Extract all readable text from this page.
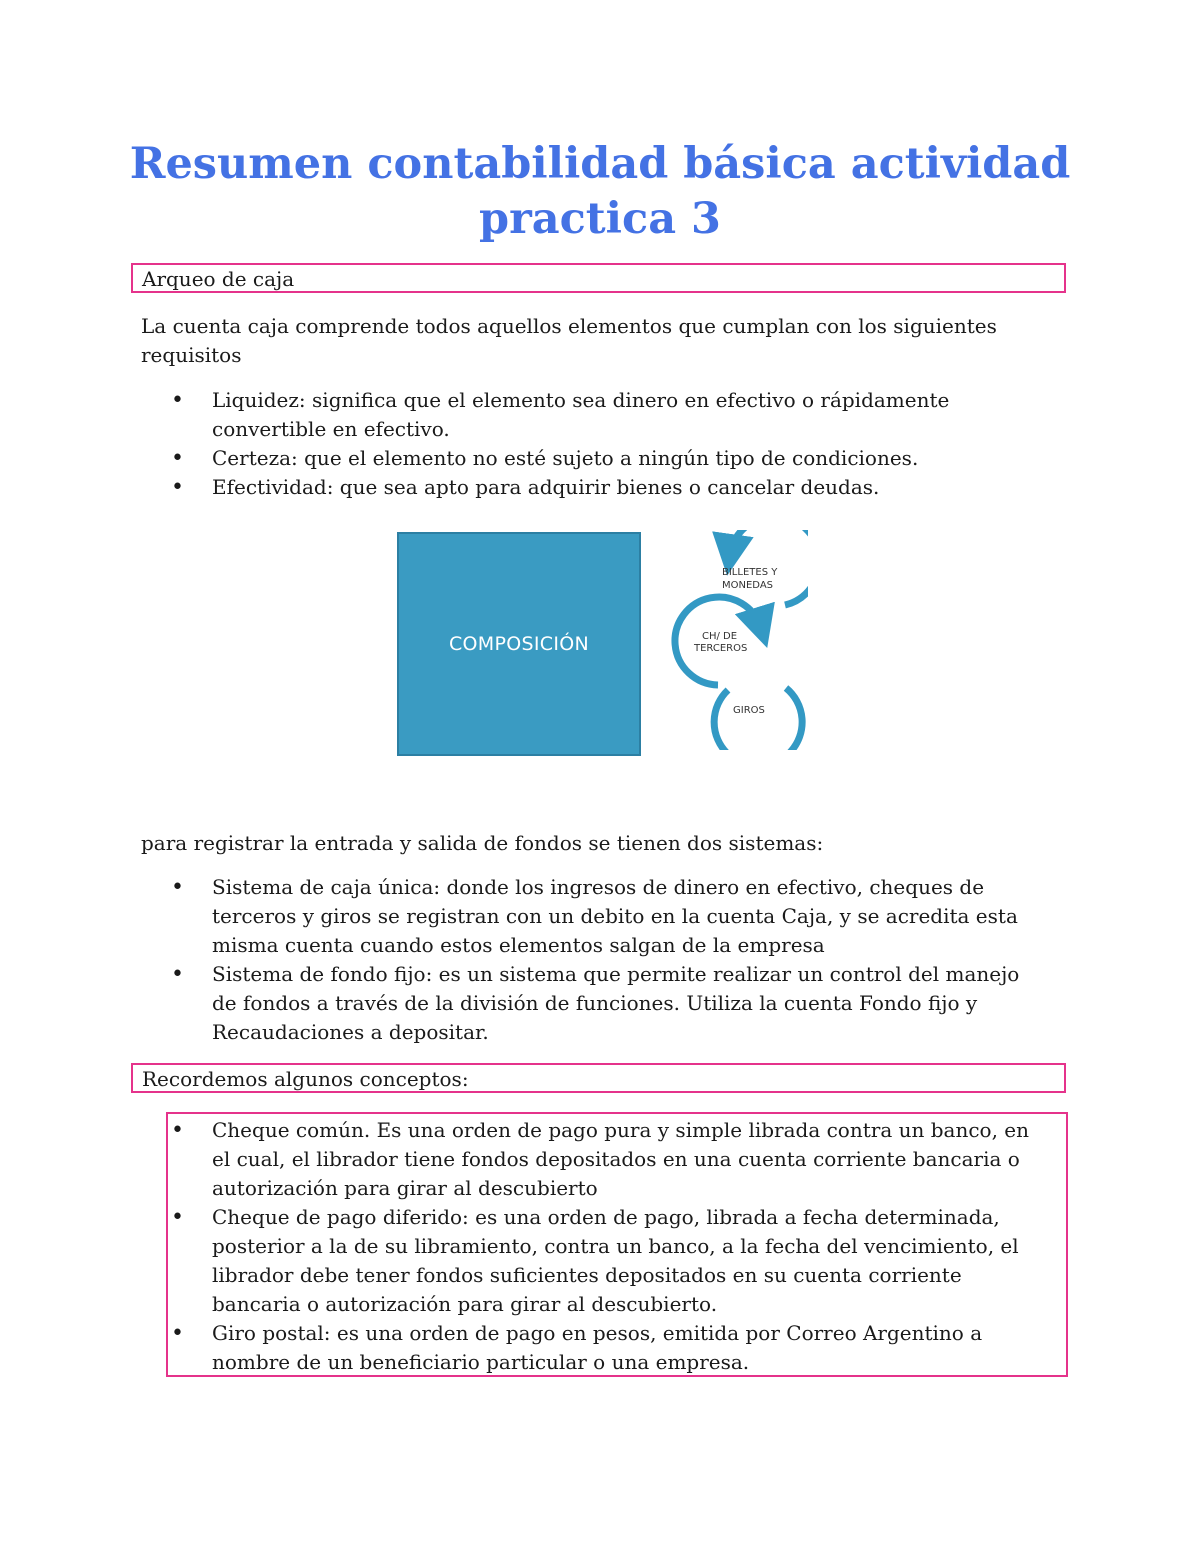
Resumen contabilidad básica actividad
practica 3
Arqueo de caja

La cuenta caja comprende todos aquellos elementos que cumplan con los siguientes requisitos

• Liquidez: significa que el elemento sea dinero en efectivo o rápidamente convertible en efectivo.
• Certeza: que el elemento no esté sujeto a ningún tipo de condiciones.
• Efectividad: que sea apto para adquirir bienes o cancelar deudas.
COMPOSICIÓN
BILLETES Y
MONEDAS
CH/ DE
TERCEROS
GIROS

para registrar la entrada y salida de fondos se tienen dos sistemas:

• Sistema de caja única: donde los ingresos de dinero en efectivo, cheques de terceros y giros se registran con un debito en la cuenta Caja, y se acredita esta misma cuenta cuando estos elementos salgan de la empresa
• Sistema de fondo fijo: es un sistema que permite realizar un control del manejo de fondos a través de la división de funciones. Utiliza la cuenta Fondo fijo y Recaudaciones a depositar.
Recordemos algunos conceptos:
• Cheque común. Es una orden de pago pura y simple librada contra un banco, en el cual, el librador tiene fondos depositados en una cuenta corriente bancaria o autorización para girar al descubierto
• Cheque de pago diferido: es una orden de pago, librada a fecha determinada, posterior a la de su libramiento, contra un banco, a la fecha del vencimiento, el librador debe tener fondos suficientes depositados en su cuenta corriente bancaria o autorización para girar al descubierto.
• Giro postal: es una orden de pago en pesos, emitida por Correo Argentino a nombre de un beneficiario particular o una empresa.
